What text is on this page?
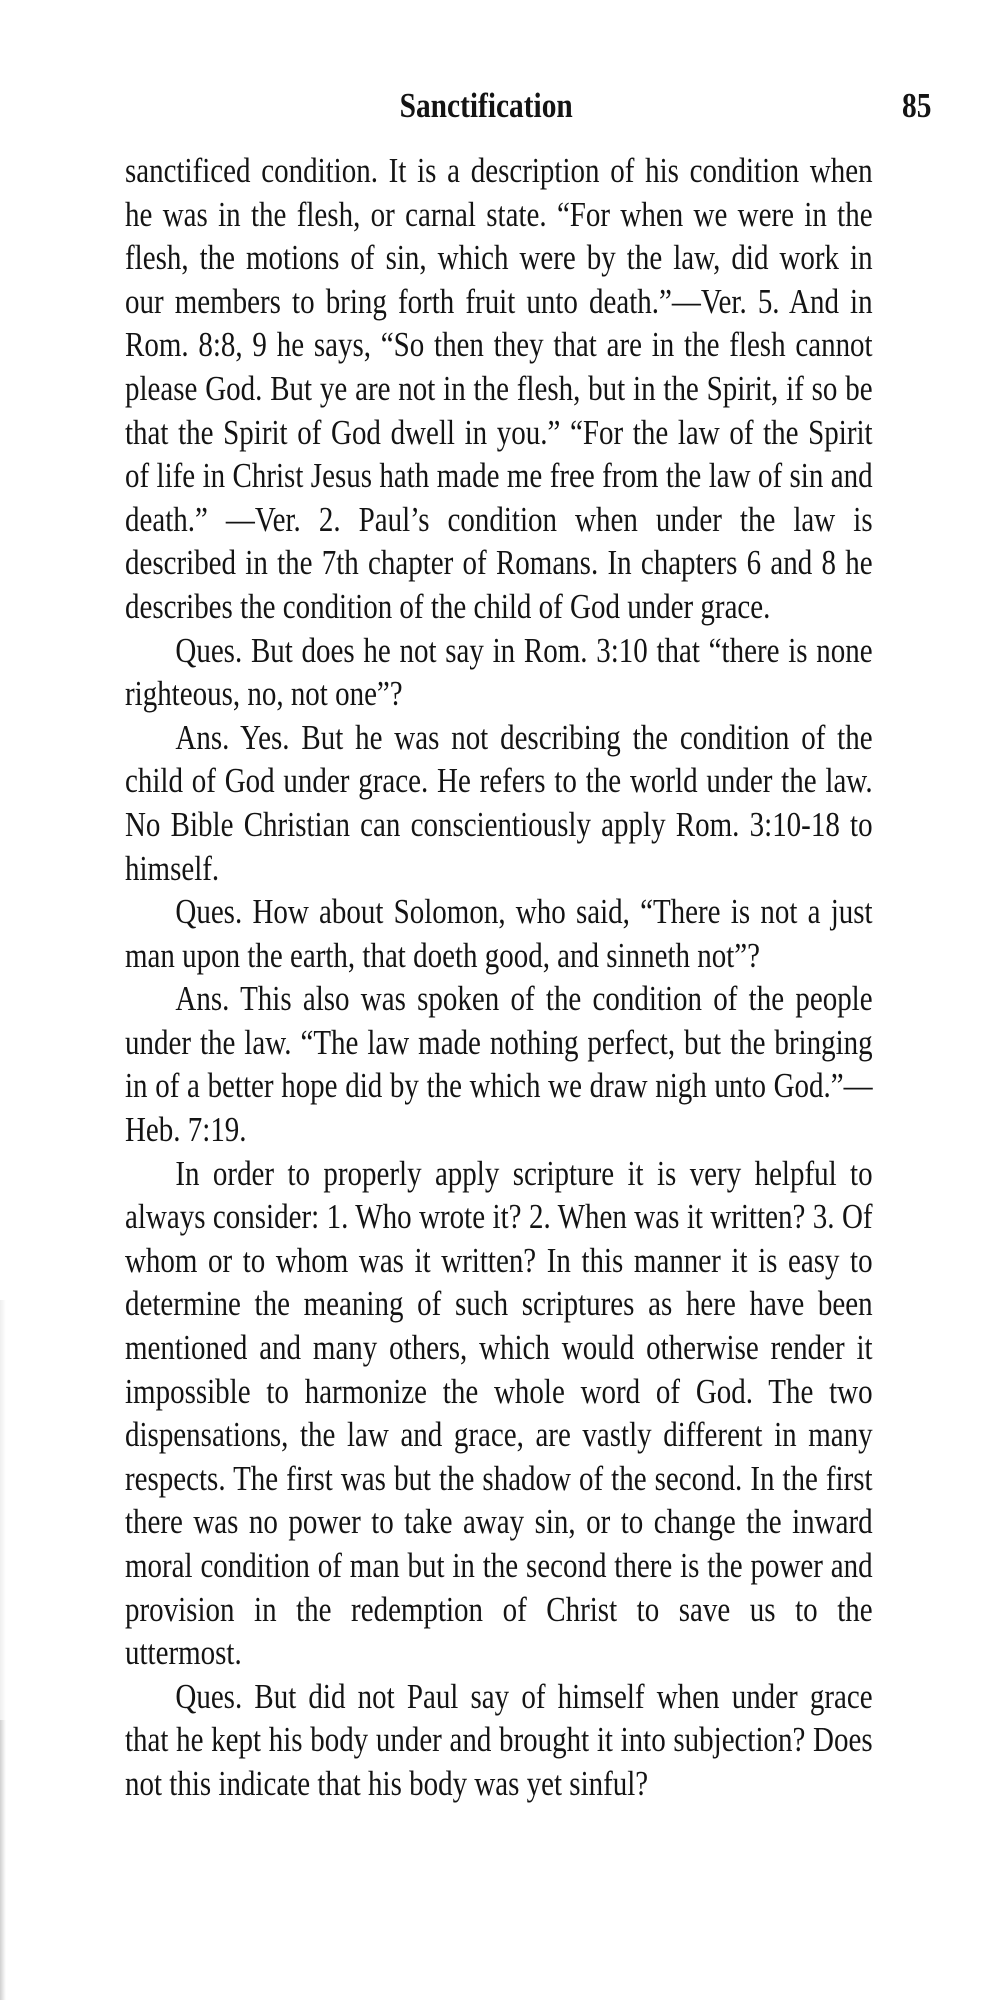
Sanctification	85

sanctificed condition. It is a description of his condition when he was in the flesh, or carnal state. “For when we were in the flesh, the motions of sin, which were by the law, did work in our members to bring forth fruit unto death.”—Ver. 5. And in Rom. 8:8, 9 he says, “So then they that are in the flesh cannot please God. But ye are not in the flesh, but in the Spirit, if so be that the Spirit of God dwell in you.” “For the law of the Spirit of life in Christ Jesus hath made me free from the law of sin and death.” —Ver. 2. Paul’s condition when under the law is described in the 7th chapter of Romans. In chapters 6 and 8 he describes the condition of the child of God under grace.

Ques. But does he not say in Rom. 3:10 that “there is none righteous, no, not one”?

Ans. Yes. But he was not describing the condition of the child of God under grace. He refers to the world under the law. No Bible Christian can conscientiously apply Rom. 3:10-18 to himself.

Ques. How about Solomon, who said, “There is not a just man upon the earth, that doeth good, and sinneth not”?

Ans. This also was spoken of the condition of the people under the law. “The law made nothing perfect, but the bringing in of a better hope did by the which we draw nigh unto God.”—Heb. 7:19.

In order to properly apply scripture it is very helpful to always consider: 1. Who wrote it? 2. When was it written? 3. Of whom or to whom was it written? In this manner it is easy to determine the meaning of such scriptures as here have been mentioned and many others, which would otherwise render it impossible to harmonize the whole word of God. The two dispensations, the law and grace, are vastly different in many respects. The first was but the shadow of the second. In the first there was no power to take away sin, or to change the inward moral condition of man but in the second there is the power and provision in the redemption of Christ to save us to the uttermost.

Ques. But did not Paul say of himself when under grace that he kept his body under and brought it into subjection? Does not this indicate that his body was yet sinful?
